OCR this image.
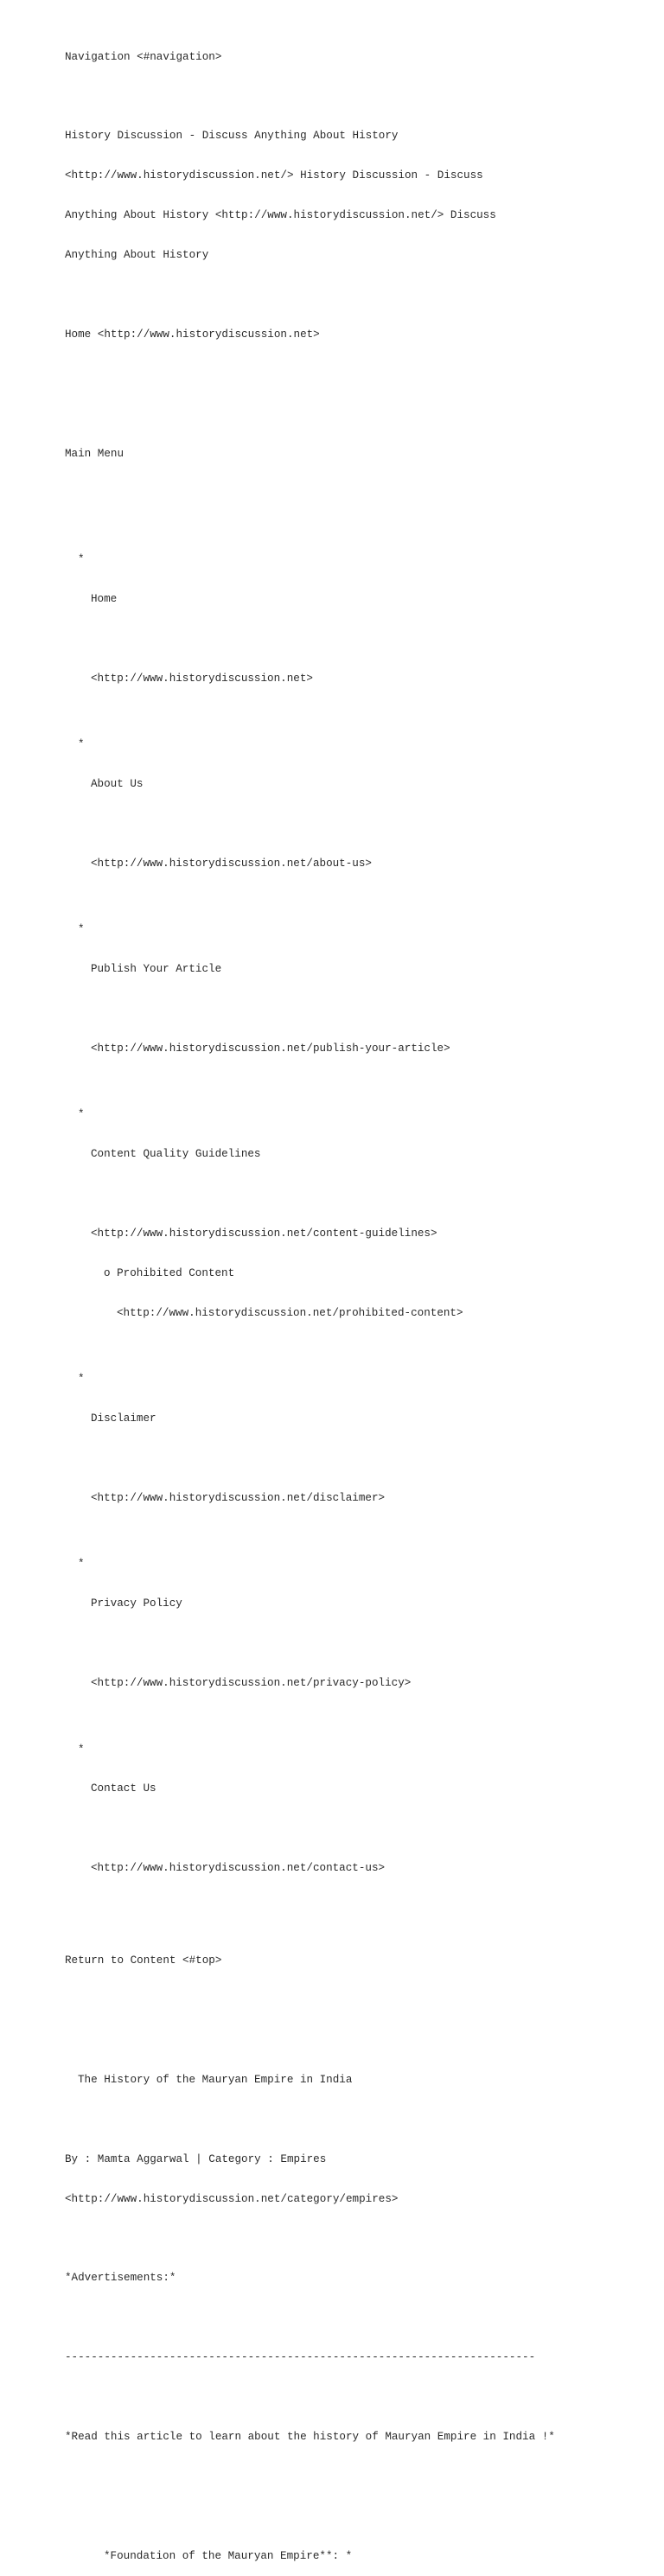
Navigation <#navigation>

History Discussion - Discuss Anything About History

<http://www.historydiscussion.net/> History Discussion - Discuss

Anything About History <http://www.historydiscussion.net/> Discuss

Anything About History

Home <http://www.historydiscussion.net>

Main Menu

*

Home

<http://www.historydiscussion.net>

*

About Us

<http://www.historydiscussion.net/about-us>

*

Publish Your Article

<http://www.historydiscussion.net/publish-your-article>

*

Content Quality Guidelines

<http://www.historydiscussion.net/content-guidelines>

o Prohibited Content

<http://www.historydiscussion.net/prohibited-content>

*

Disclaimer

<http://www.historydiscussion.net/disclaimer>

*

Privacy Policy

<http://www.historydiscussion.net/privacy-policy>

*

Contact Us

<http://www.historydiscussion.net/contact-us>

Return to Content <#top>

The History of the Mauryan Empire in India

By : Mamta Aggarwal | Category : Empires

<http://www.historydiscussion.net/category/empires>

*Advertisements:*

------------------------------------------------------------------------

*Read this article to learn about the history of Mauryan Empire in India !*

*Foundation of the Mauryan Empire**: *
